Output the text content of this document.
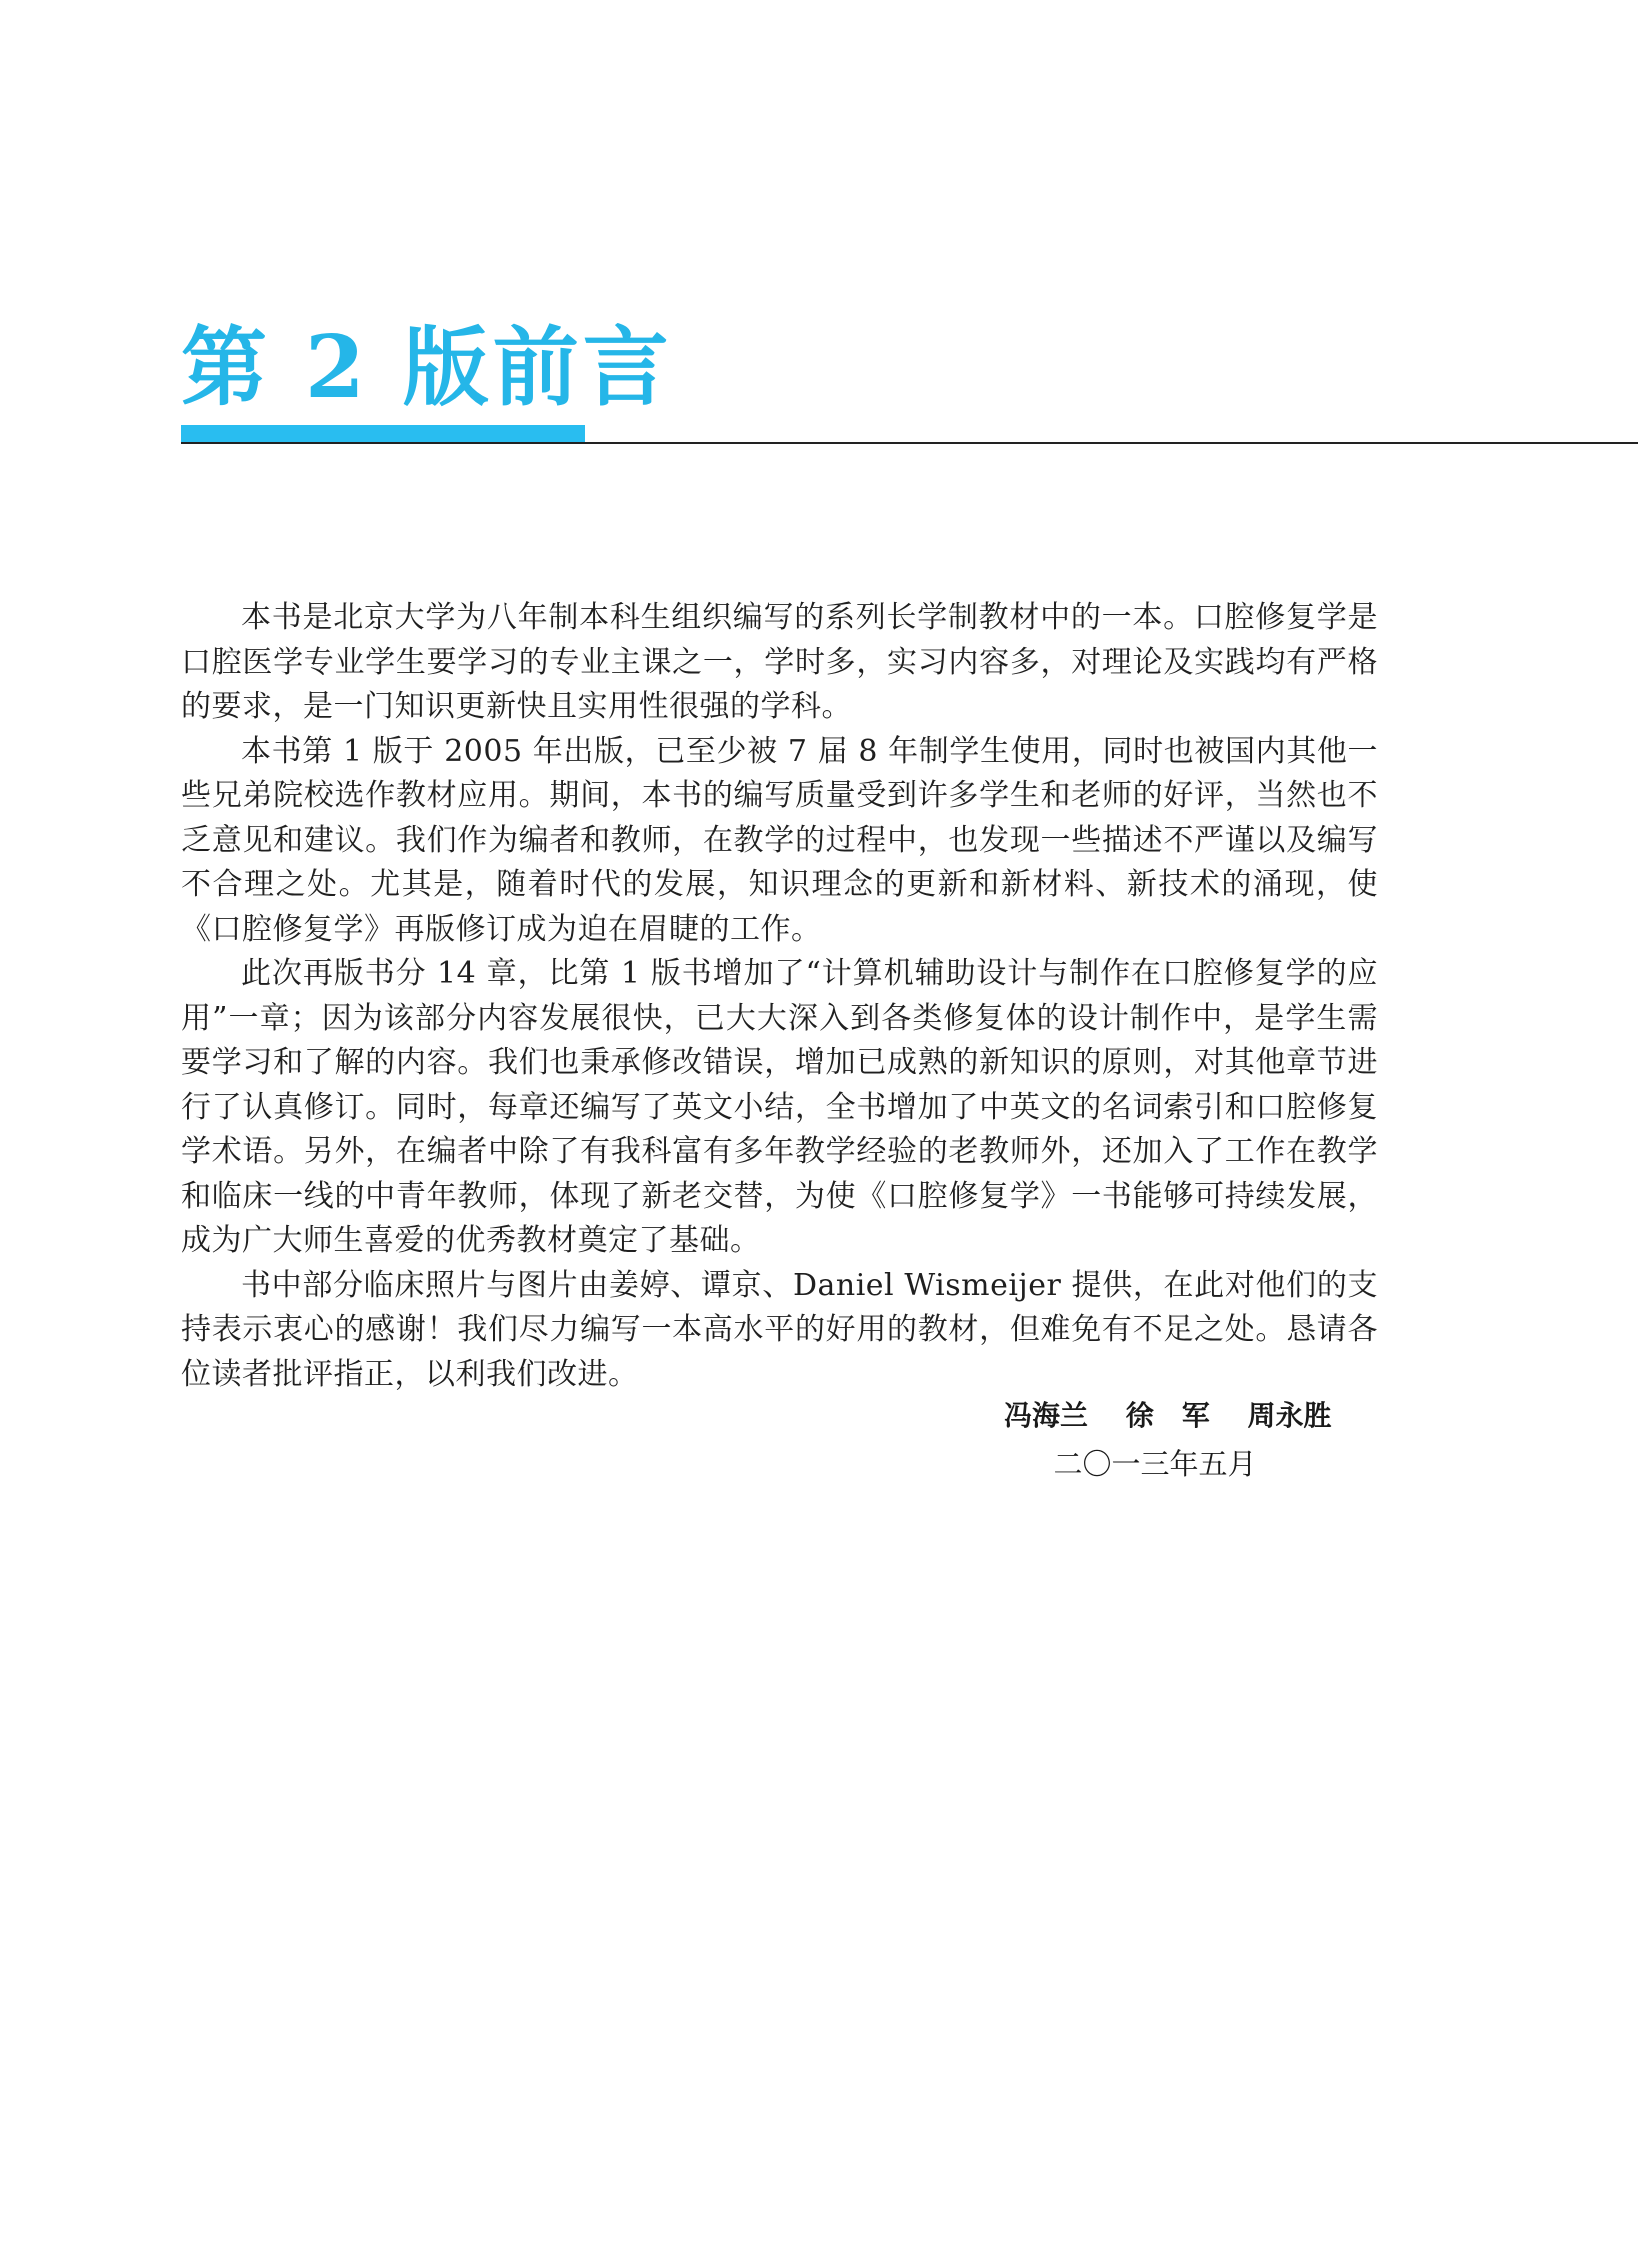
第 2 版前言

本书是北京大学为八年制本科生组织编写的系列长学制教材中的一本。口腔修复学是口腔医学专业学生要学习的专业主课之一，学时多，实习内容多，对理论及实践均有严格的要求，是一门知识更新快且实用性很强的学科。

本书第 1 版于 2005 年出版，已至少被 7 届 8 年制学生使用，同时也被国内其他一些兄弟院校选作教材应用。期间，本书的编写质量受到许多学生和老师的好评，当然也不乏意见和建议。我们作为编者和教师，在教学的过程中，也发现一些描述不严谨以及编写不合理之处。尤其是，随着时代的发展，知识理念的更新和新材料、新技术的涌现，使《口腔修复学》再版修订成为迫在眉睫的工作。

此次再版书分 14 章，比第 1 版书增加了“计算机辅助设计与制作在口腔修复学的应用”一章；因为该部分内容发展很快，已大大深入到各类修复体的设计制作中，是学生需要学习和了解的内容。我们也秉承修改错误，增加已成熟的新知识的原则，对其他章节进行了认真修订。同时，每章还编写了英文小结，全书增加了中英文的名词索引和口腔修复学术语。另外，在编者中除了有我科富有多年教学经验的老教师外，还加入了工作在教学和临床一线的中青年教师，体现了新老交替，为使《口腔修复学》一书能够可持续发展，成为广大师生喜爱的优秀教材奠定了基础。

书中部分临床照片与图片由姜婷、谭京、Daniel Wismeijer 提供，在此对他们的支持表示衷心的感谢！我们尽力编写一本高水平的好用的教材，但难免有不足之处。恳请各位读者批评指正，以利我们改进。

冯海兰 徐　军 周永胜
二〇一三年五月
